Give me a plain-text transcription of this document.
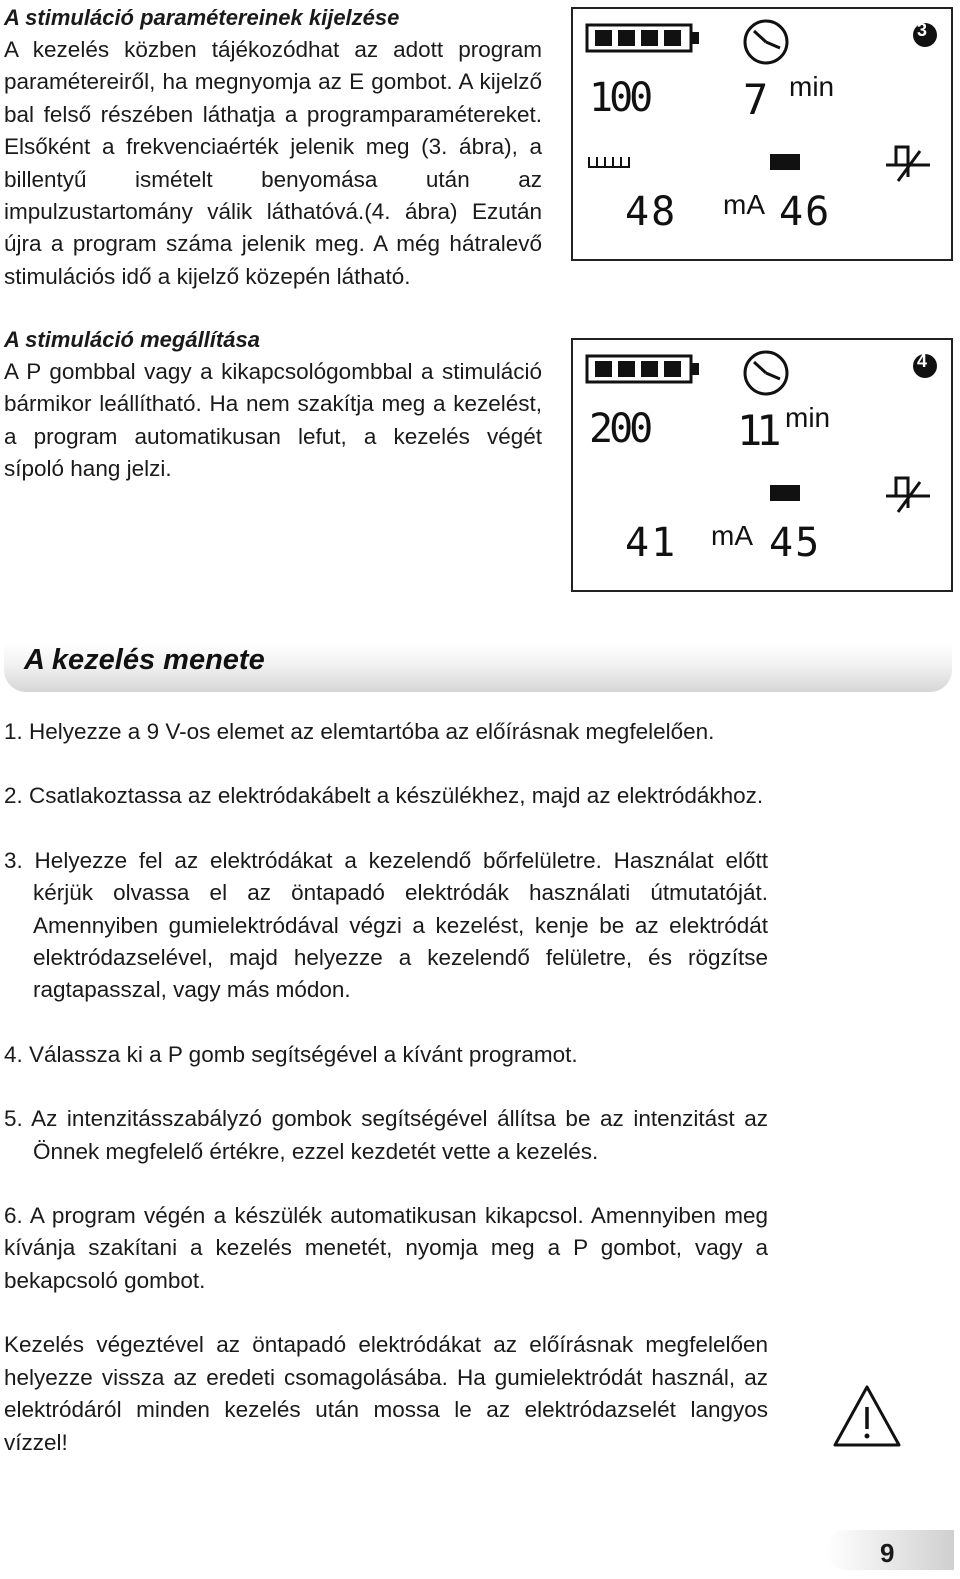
A stimuláció paramétereinek kijelzése

A kezelés közben tájékozódhat az adott program paramétereiről, ha megnyomja az E gombot. A kijelző bal felső részében láthatja a programparamétereket. Elsőként a frekvenciaérték jelenik meg (3. ábra), a billentyű ismételt benyomása után az impulzustartomány válik láthatóvá.(4. ábra) Ezután újra a program száma jelenik meg. A még hátralevő stimulációs idő a kijelző közepén látható.

A stimuláció megállítása

A P gombbal vagy a kikapcsológombbal a stimuláció bármikor leállítható. Ha nem szakítja meg a kezelést, a program automatikusan lefut, a kezelés végét sípoló hang jelzi.

3
100 7 min
48 mA 46
4
200 11 min
41 mA 45
A kezelés menete

1. Helyezze a 9 V-os elemet az elemtartóba az előírásnak megfelelően.

2. Csatlakoztassa az elektródakábelt a készülékhez, majd az elektródákhoz.

3. Helyezze fel az elektródákat a kezelendő bőrfelületre. Használat előtt kérjük olvassa el az öntapadó elektródák használati útmutatóját. Amennyiben gumielektródával végzi a kezelést, kenje be az elektródát elektródazselével, majd helyezze a kezelendő felületre, és rögzítse ragtapasszal, vagy más módon.

4. Válassza ki a P gomb segítségével a kívánt programot.

5. Az intenzitásszabályzó gombok segítségével állítsa be az intenzitást az Önnek megfelelő értékre, ezzel kezdetét vette a kezelés.

6. A program végén a készülék automatikusan kikapcsol. Amennyiben meg kívánja szakítani a kezelés menetét, nyomja meg a P gombot, vagy a bekapcsoló gombot.

Kezelés végeztével az öntapadó elektródákat az előírásnak megfelelően helyezze vissza az eredeti csomagolásába. Ha gumielektródát használ, az elektródáról minden kezelés után mossa le az elektródazselét langyos vízzel!

9
